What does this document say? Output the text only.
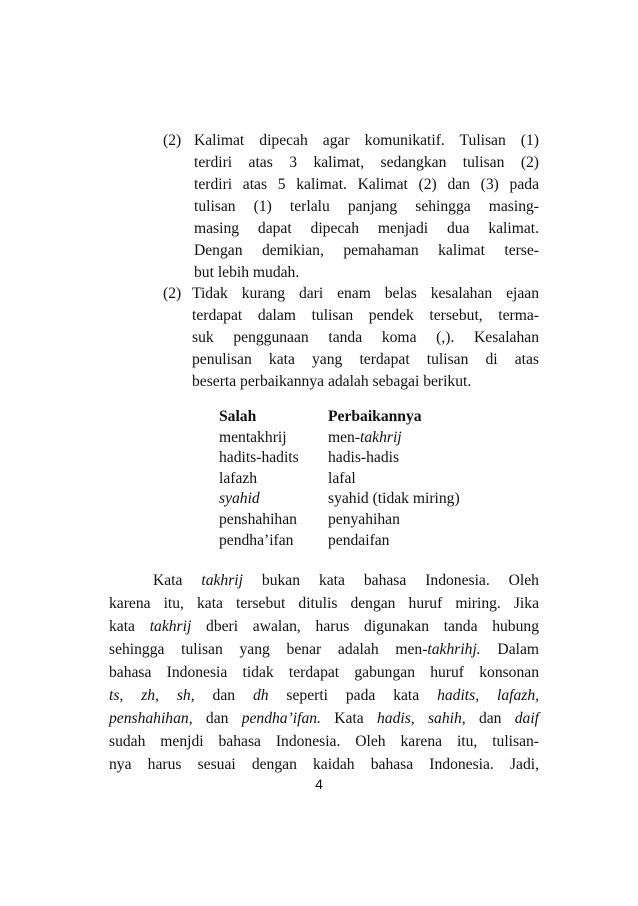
(2) Kalimat dipecah agar komunikatif. Tulisan (1)
terdiri atas 3 kalimat, sedangkan tulisan (2)
terdiri atas 5 kalimat. Kalimat (2) dan (3) pada
tulisan (1) terlalu panjang sehingga masing-
masing dapat dipecah menjadi dua kalimat.
Dengan demikian, pemahaman kalimat terse-
but lebih mudah.
(2) Tidak kurang dari enam belas kesalahan ejaan
terdapat dalam tulisan pendek tersebut, terma-
suk penggunaan tanda koma (,). Kesalahan
penulisan kata yang terdapat tulisan di atas
beserta perbaikannya adalah sebagai berikut.
Salah	Perbaikannya
mentakhrij	men-takhrij
hadits-hadits hadis-hadis
lafazh	lafal
syahid	syahid (tidak miring)
penshahihan penyahihan
pendha’ifan pendaifan
Kata takhrij bukan kata bahasa Indonesia. Oleh
karena itu, kata tersebut ditulis dengan huruf miring. Jika
kata takhrij dberi awalan, harus digunakan tanda hubung
sehingga tulisan yang benar adalah men-takhrihj. Dalam
bahasa Indonesia tidak terdapat gabungan huruf konsonan
ts, zh, sh, dan dh seperti pada kata hadits, lafazh,
penshahihan, dan pendha’ifan. Kata hadis, sahih, dan daif
sudah menjdi bahasa Indonesia. Oleh karena itu, tulisan-
nya harus sesuai dengan kaidah bahasa Indonesia. Jadi,
4
